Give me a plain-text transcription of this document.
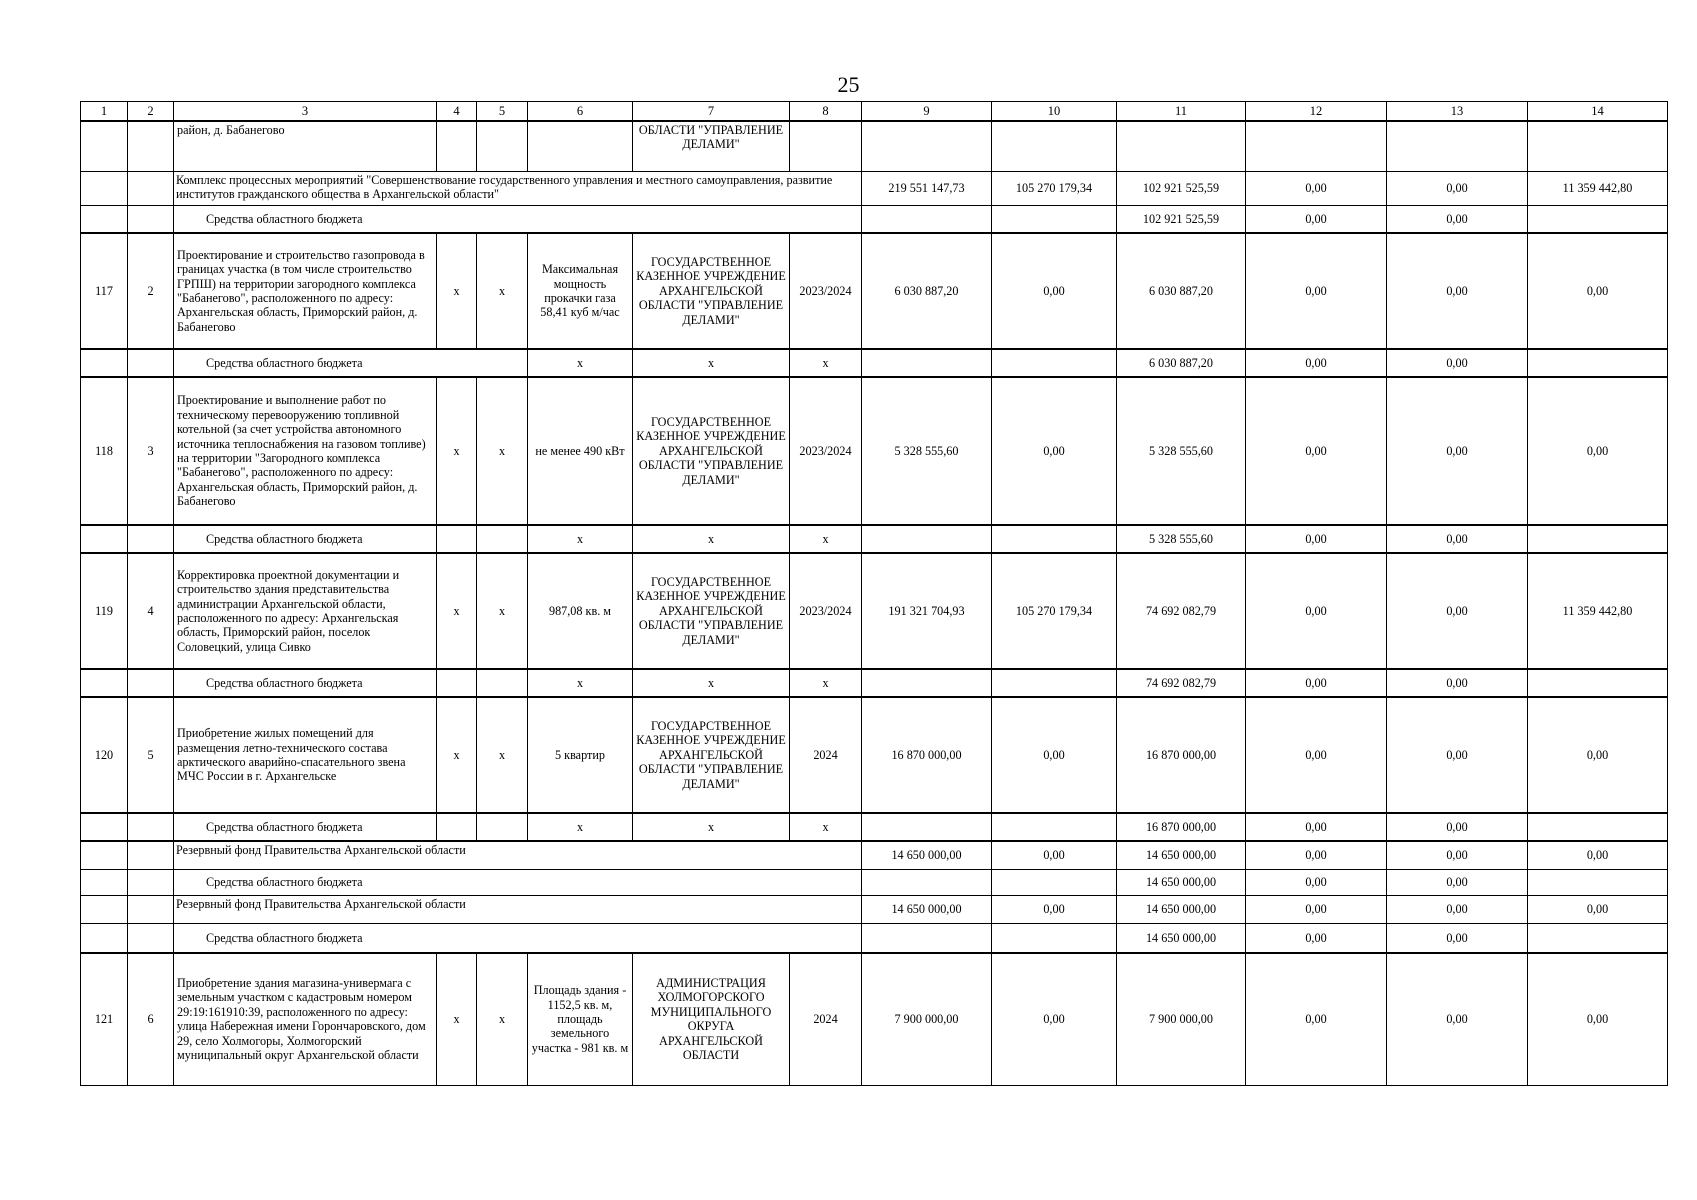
25
1	2	3	4	5	6	7	8	9	10	11	12	13	14
		район, д. Бабанегово				ОБЛАСТИ "УПРАВЛЕНИЕ ДЕЛАМИ"							
		Комплекс процессных мероприятий "Совершенствование государственного управления и местного самоуправления, развитие институтов гражданского общества в Архангельской области"						219 551 147,73	105 270 179,34	102 921 525,59	0,00	0,00	11 359 442,80
		Средства областного бюджета								102 921 525,59	0,00	0,00	
117	2	Проектирование и строительство газопровода в границах участка (в том числе строительство ГРПШ) на территории загородного комплекса "Бабанегово", расположенного по адресу: Архангельская область, Приморский район, д. Бабанегово	х	х	Максимальная мощность прокачки газа 58,41 куб м/час	ГОСУДАРСТВЕННОЕ КАЗЕННОЕ УЧРЕЖДЕНИЕ АРХАНГЕЛЬСКОЙ ОБЛАСТИ "УПРАВЛЕНИЕ ДЕЛАМИ"	2023/2024	6 030 887,20	0,00	6 030 887,20	0,00	0,00	0,00
		Средства областного бюджета			х	х	х			6 030 887,20	0,00	0,00	
118	3	Проектирование и выполнение работ по техническому перевооружению топливной котельной (за счет устройства автономного источника теплоснабжения на газовом топливе) на территории "Загородного комплекса "Бабанегово", расположенного по адресу: Архангельская область, Приморский район, д. Бабанегово	х	х	не менее 490 кВт	ГОСУДАРСТВЕННОЕ КАЗЕННОЕ УЧРЕЖДЕНИЕ АРХАНГЕЛЬСКОЙ ОБЛАСТИ "УПРАВЛЕНИЕ ДЕЛАМИ"	2023/2024	5 328 555,60	0,00	5 328 555,60	0,00	0,00	0,00
		Средства областного бюджета			х	х	х			5 328 555,60	0,00	0,00	
119	4	Корректировка проектной документации и строительство здания представительства администрации Архангельской области, расположенного по адресу: Архангельская область, Приморский район, поселок Соловецкий, улица Сивко	х	х	987,08 кв. м	ГОСУДАРСТВЕННОЕ КАЗЕННОЕ УЧРЕЖДЕНИЕ АРХАНГЕЛЬСКОЙ ОБЛАСТИ "УПРАВЛЕНИЕ ДЕЛАМИ"	2023/2024	191 321 704,93	105 270 179,34	74 692 082,79	0,00	0,00	11 359 442,80
		Средства областного бюджета			х	х	х			74 692 082,79	0,00	0,00	
120	5	Приобретение жилых помещений для размещения летно-технического состава арктического аварийно-спасательного звена МЧС России в г. Архангельске	х	х	5 квартир	ГОСУДАРСТВЕННОЕ КАЗЕННОЕ УЧРЕЖДЕНИЕ АРХАНГЕЛЬСКОЙ ОБЛАСТИ "УПРАВЛЕНИЕ ДЕЛАМИ"	2024	16 870 000,00	0,00	16 870 000,00	0,00	0,00	0,00
		Средства областного бюджета			х	х	х			16 870 000,00	0,00	0,00	
		Резервный фонд Правительства Архангельской области						14 650 000,00	0,00	14 650 000,00	0,00	0,00	0,00
		Средства областного бюджета								14 650 000,00	0,00	0,00	
		Резервный фонд Правительства Архангельской области						14 650 000,00	0,00	14 650 000,00	0,00	0,00	0,00
		Средства областного бюджета								14 650 000,00	0,00	0,00	
121	6	Приобретение здания магазина-универмага с земельным участком с кадастровым номером 29:19:161910:39, расположенного по адресу: улица Набережная имени Горончаровского, дом 29, село Холмогоры, Холмогорский муниципальный округ Архангельской области	х	х	Площадь здания - 1152,5 кв. м, площадь земельного участка - 981 кв. м	АДМИНИСТРАЦИЯ ХОЛМОГОРСКОГО МУНИЦИПАЛЬНОГО ОКРУГА АРХАНГЕЛЬСКОЙ ОБЛАСТИ	2024	7 900 000,00	0,00	7 900 000,00	0,00	0,00	0,00
